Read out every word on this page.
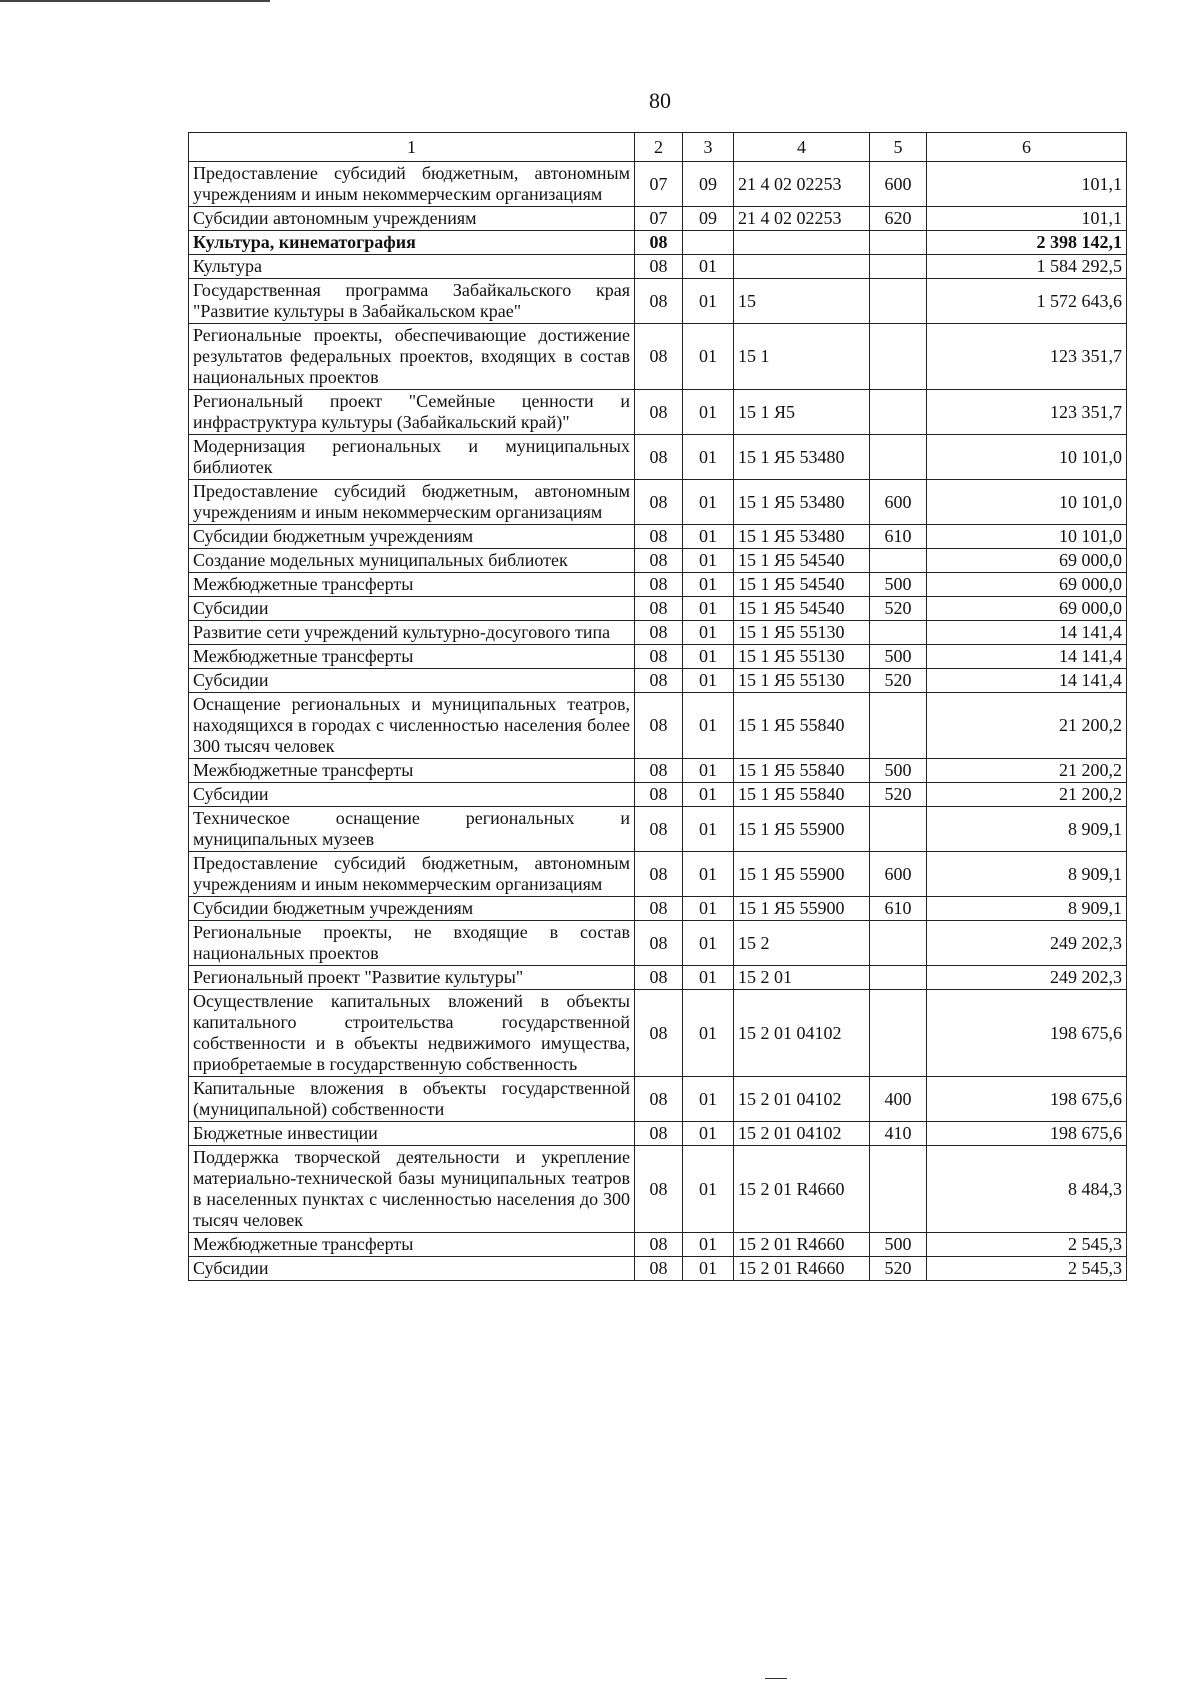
80
1	2	3	4	5	6
Предоставление субсидий бюджетным, автономным учреждениям и иным некоммерческим организациям	07	09	21 4 02 02253	600	101,1
Субсидии автономным учреждениям	07	09	21 4 02 02253	620	101,1
Культура, кинематография	08				2 398 142,1
Культура	08	01			1 584 292,5
Государственная программа Забайкальского края "Развитие культуры в Забайкальском крае"	08	01	15		1 572 643,6
Региональные проекты, обеспечивающие достижение результатов федеральных проектов, входящих в состав национальных проектов	08	01	15 1		123 351,7
Региональный проект "Семейные ценности и инфраструктура культуры (Забайкальский край)"	08	01	15 1 Я5		123 351,7
Модернизация региональных и муниципальных библиотек	08	01	15 1 Я5 53480		10 101,0
Предоставление субсидий бюджетным, автономным учреждениям и иным некоммерческим организациям	08	01	15 1 Я5 53480	600	10 101,0
Субсидии бюджетным учреждениям	08	01	15 1 Я5 53480	610	10 101,0
Создание модельных муниципальных библиотек	08	01	15 1 Я5 54540		69 000,0
Межбюджетные трансферты	08	01	15 1 Я5 54540	500	69 000,0
Субсидии	08	01	15 1 Я5 54540	520	69 000,0
Развитие сети учреждений культурно-досугового типа	08	01	15 1 Я5 55130		14 141,4
Межбюджетные трансферты	08	01	15 1 Я5 55130	500	14 141,4
Субсидии	08	01	15 1 Я5 55130	520	14 141,4
Оснащение региональных и муниципальных театров, находящихся в городах с численностью населения более 300 тысяч человек	08	01	15 1 Я5 55840		21 200,2
Межбюджетные трансферты	08	01	15 1 Я5 55840	500	21 200,2
Субсидии	08	01	15 1 Я5 55840	520	21 200,2
Техническое оснащение региональных и муниципальных музеев	08	01	15 1 Я5 55900		8 909,1
Предоставление субсидий бюджетным, автономным учреждениям и иным некоммерческим организациям	08	01	15 1 Я5 55900	600	8 909,1
Субсидии бюджетным учреждениям	08	01	15 1 Я5 55900	610	8 909,1
Региональные проекты, не входящие в состав национальных проектов	08	01	15 2		249 202,3
Региональный проект "Развитие культуры"	08	01	15 2 01		249 202,3
Осуществление капитальных вложений в объекты капитального строительства государственной собственности и в объекты недвижимого имущества, приобретаемые в государственную собственность	08	01	15 2 01 04102		198 675,6
Капитальные вложения в объекты государственной (муниципальной) собственности	08	01	15 2 01 04102	400	198 675,6
Бюджетные инвестиции	08	01	15 2 01 04102	410	198 675,6
Поддержка творческой деятельности и укрепление материально-технической базы муниципальных театров в населенных пунктах с численностью населения до 300 тысяч человек	08	01	15 2 01 R4660		8 484,3
Межбюджетные трансферты	08	01	15 2 01 R4660	500	2 545,3
Субсидии	08	01	15 2 01 R4660	520	2 545,3
